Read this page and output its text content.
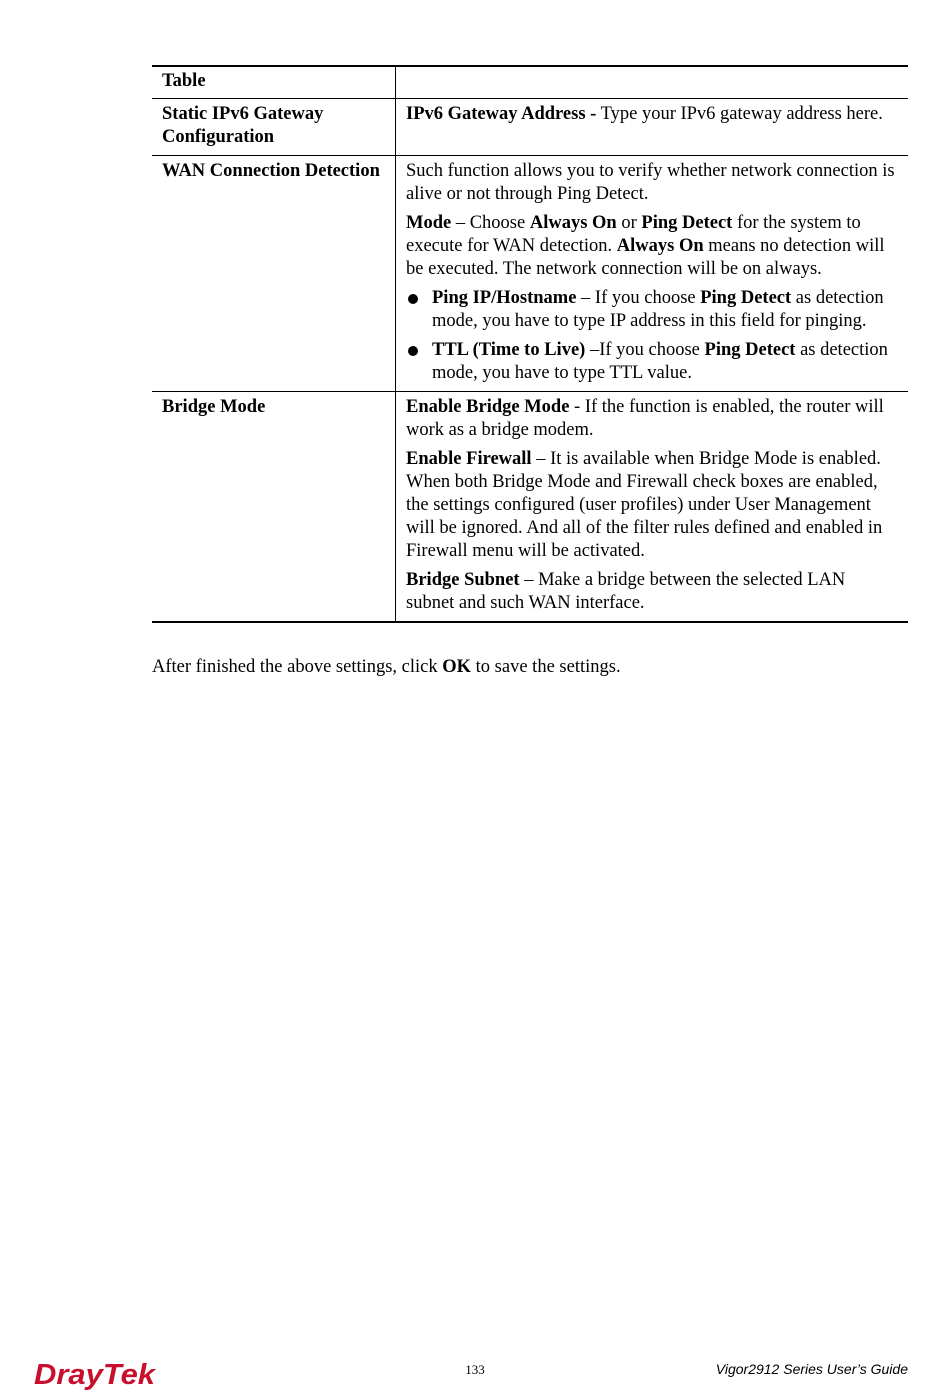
Table	
Static IPv6 Gateway Configuration	IPv6 Gateway Address - Type your IPv6 gateway address here.

WAN Connection Detection	Such function allows you to verify whether network connection is alive or not through Ping Detect.

Mode – Choose Always On or Ping Detect for the system to execute for WAN detection. Always On means no detection will be executed. The network connection will be on always.

Ping IP/Hostname – If you choose Ping Detect as detection mode, you have to type IP address in this field for pinging.
TTL (Time to Live) –If you choose Ping Detect as detection mode, you have to type TTL value.

Bridge Mode	Enable Bridge Mode - If the function is enabled, the router will work as a bridge modem.

Enable Firewall – It is available when Bridge Mode is enabled. When both Bridge Mode and Firewall check boxes are enabled, the settings configured (user profiles) under User Management will be ignored. And all of the filter rules defined and enabled in Firewall menu will be activated.

Bridge Subnet – Make a bridge between the selected LAN subnet and such WAN interface.

After finished the above settings, click OK to save the settings.

DrayTek	133	Vigor2912 Series User’s Guide
